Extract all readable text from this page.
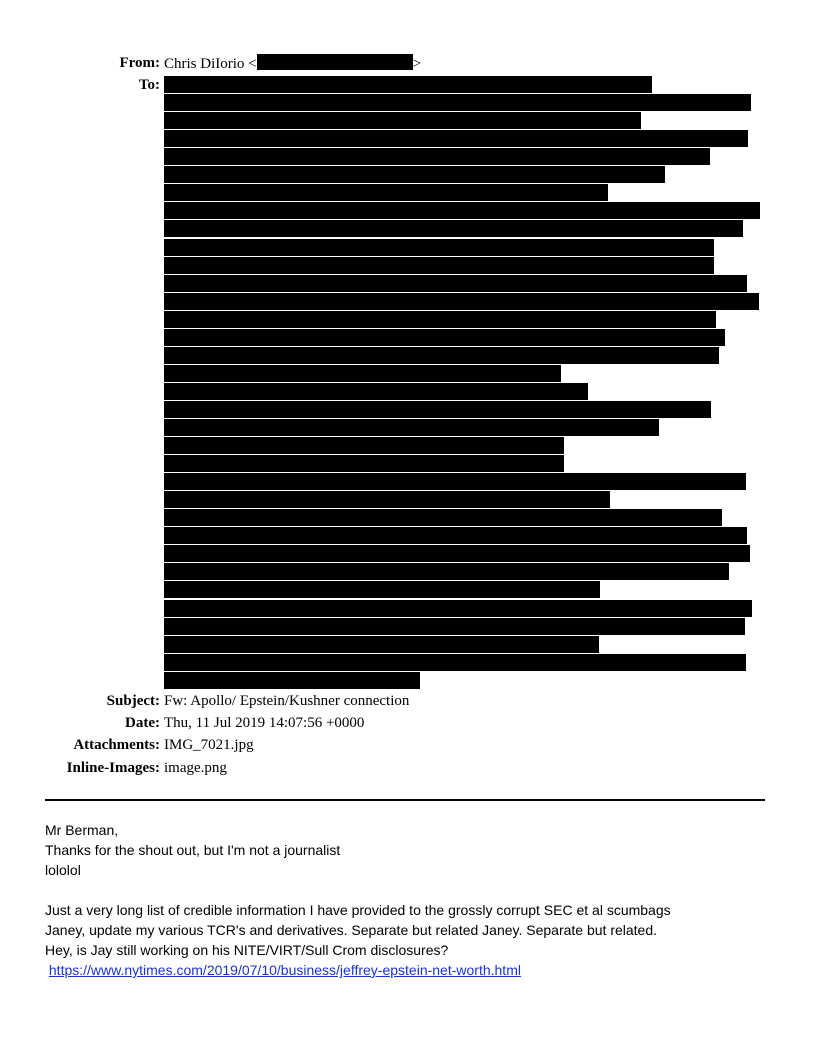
From: Chris DiIorio <	>
To:
Subject: Fw: Apollo/ Epstein/Kushner connection
Date: Thu, 11 Jul 2019 14:07:56 +0000
Attachments: IMG_7021.jpg
Inline-Images: image.png

Mr Berman,

Thanks for the shout out, but I'm not a journalist

lololol

Just a very long list of credible information I have provided to the grossly corrupt SEC et al scumbags

Janey, update my various TCR's and derivatives. Separate but related Janey. Separate but related.

Hey, is Jay still working on his NITE/VIRT/Sull Crom disclosures?

https://www.nytimes.com/2019/07/10/business/jeffrey-epstein-net-worth.html
